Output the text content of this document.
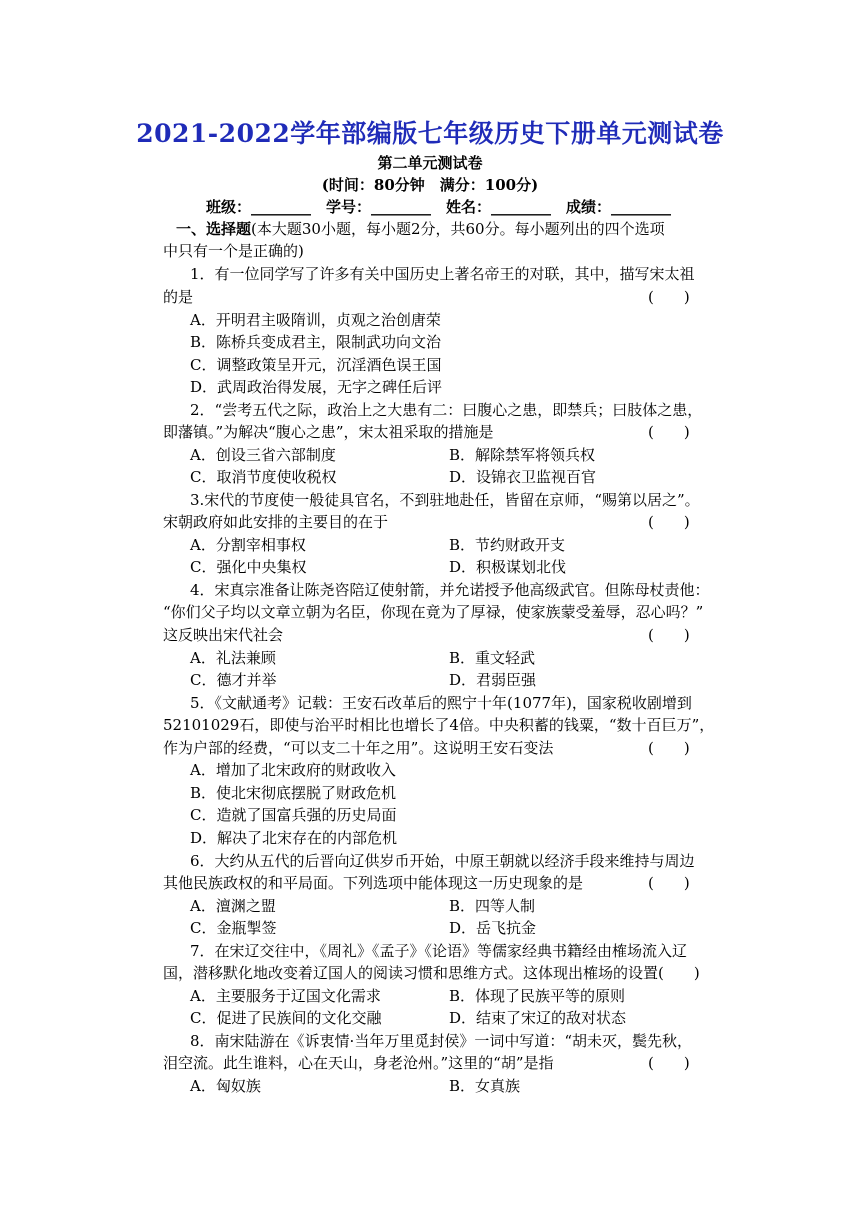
2021-2022学年部编版七年级历史下册单元测试卷
第二单元测试卷
(时间：80分钟　满分：100分)
班级：________　学号：________　姓名：________　成绩：________
一、选择题(本大题30小题，每小题2分，共60分。每小题列出的四个选项
中只有一个是正确的)
1．有一位同学写了许多有关中国历史上著名帝王的对联，其中，描写宋太祖
的是	(　　)
A．开明君主吸隋训，贞观之治创唐荣
B．陈桥兵变成君主，限制武功向文治
C．调整政策呈开元，沉淫酒色误王国
D．武周政治得发展，无字之碑任后评
2．“尝考五代之际，政治上之大患有二：曰腹心之患，即禁兵；曰肢体之患，
即藩镇。”为解决“腹心之患”，宋太祖采取的措施是	(　　)
A．创设三省六部制度	B．解除禁军将领兵权
C．取消节度使收税权	D．设锦衣卫监视百官
3.宋代的节度使一般徒具官名，不到驻地赴任，皆留在京师，“赐第以居之”。
宋朝政府如此安排的主要目的在于	(　　)
A．分割宰相事权	B．节约财政开支
C．强化中央集权	D．积极谋划北伐
4．宋真宗准备让陈尧咨陪辽使射箭，并允诺授予他高级武官。但陈母杖责他：
“你们父子均以文章立朝为名臣，你现在竟为了厚禄，使家族蒙受羞辱，忍心吗？”
这反映出宋代社会	(　　)
A．礼法兼顾	B．重文轻武
C．德才并举	D．君弱臣强
5．《文献通考》记载：王安石改革后的熙宁十年(1077年)，国家税收剧增到
52101029石，即使与治平时相比也增长了4倍。中央积蓄的钱粟，“数十百巨万”，
作为户部的经费，“可以支二十年之用”。这说明王安石变法	(　　)
A．增加了北宋政府的财政收入
B．使北宋彻底摆脱了财政危机
C．造就了国富兵强的历史局面
D．解决了北宋存在的内部危机
6．大约从五代的后晋向辽供岁币开始，中原王朝就以经济手段来维持与周边
其他民族政权的和平局面。下列选项中能体现这一历史现象的是	(　　)
A．澶渊之盟	B．四等人制
C．金瓶掣签	D．岳飞抗金
7．在宋辽交往中，《周礼》《孟子》《论语》等儒家经典书籍经由榷场流入辽
国，潜移默化地改变着辽国人的阅读习惯和思维方式。这体现出榷场的设置(　　)
A．主要服务于辽国文化需求	B．体现了民族平等的原则
C．促进了民族间的文化交融	D．结束了宋辽的敌对状态
8．南宋陆游在《诉衷情·当年万里觅封侯》一词中写道：“胡未灭，鬓先秋，
泪空流。此生谁料，心在天山，身老沧州。”这里的“胡”是指	(　　)
A．匈奴族	B．女真族
